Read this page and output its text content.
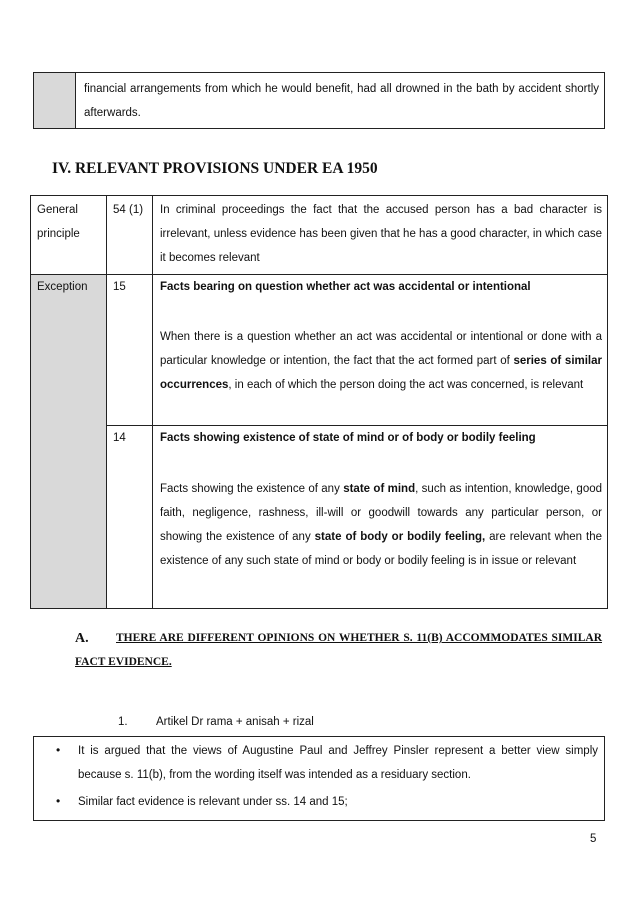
financial arrangements from which he would benefit, had all drowned in the bath by accident shortly afterwards.
IV. RELEVANT PROVISIONS UNDER EA 1950
General principle
54 (1) In criminal proceedings the fact that the accused person has a bad character is irrelevant, unless evidence has been given that he has a good character, in which case it becomes relevant
Exception 15	Facts bearing on question whether act was accidental or intentional
When there is a question whether an act was accidental or intentional or done with a particular knowledge or intention, the fact that the act formed part of series of similar occurrences, in each of which the person doing the act was concerned, is relevant
14	Facts showing existence of state of mind or of body or bodily feeling
Facts showing the existence of any state of mind, such as intention, knowledge, good faith, negligence, rashness, ill-will or goodwill towards any particular person, or showing the existence of any state of body or bodily feeling, are relevant when the existence of any such state of mind or body or bodily feeling is in issue or relevant
A. THERE ARE DIFFERENT OPINIONS ON WHETHER S. 11(B) ACCOMMODATES SIMILAR
FACT EVIDENCE.
1. Artikel Dr rama + anisah + rizal
• It is argued that the views of Augustine Paul and Jeffrey Pinsler represent a better view simply because s. 11(b), from the wording itself was intended as a residuary section.
• Similar fact evidence is relevant under ss. 14 and 15;
5
